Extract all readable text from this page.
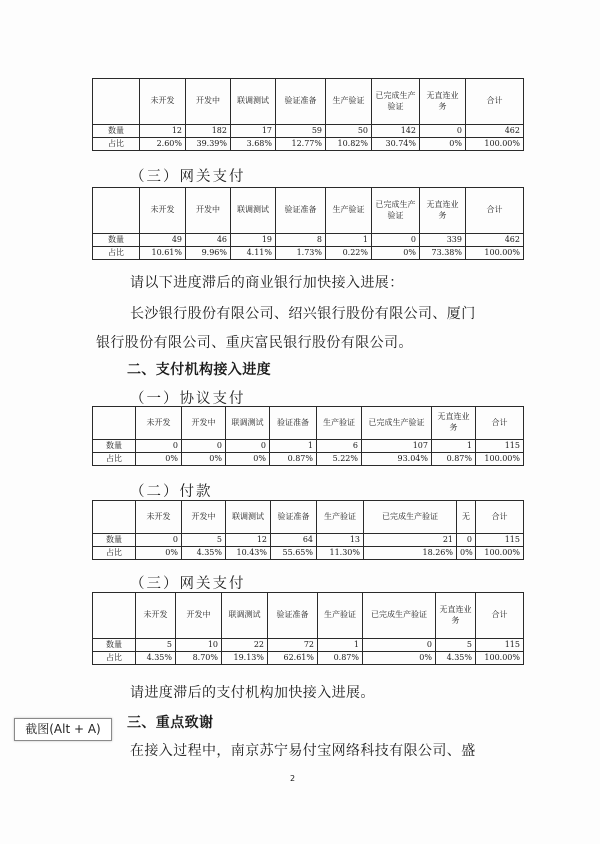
	未开发	开发中	联调测试	验证准备	生产验证	已完成生产验证	无直连业务	合计
数量	12	182	17	59	50	142	0	462
占比	2.60%	39.39%	3.68%	12.77%	10.82%	30.74%	0%	100.00%
（三）网关支付
	未开发	开发中	联调测试	验证准备	生产验证	已完成生产验证	无直连业务	合计
数量	49	46	19	8	1	0	339	462
占比	10.61%	9.96%	4.11%	1.73%	0.22%	0%	73.38%	100.00%
请以下进度滞后的商业银行加快接入进展：
长沙银行股份有限公司、绍兴银行股份有限公司、厦门
银行股份有限公司、重庆富民银行股份有限公司。
二、支付机构接入进度
（一）协议支付
	未开发	开发中	联调测试	验证准备	生产验证	已完成生产验证	无直连业务	合计
数量	0	0	0	1	6	107	1	115
占比	0%	0%	0%	0.87%	5.22%	93.04%	0.87%	100.00%
（二）付款
	未开发	开发中	联调测试	验证准备	生产验证	已完成生产验证	无	合计
数量	0	5	12	64	13	21	0	115
占比	0%	4.35%	10.43%	55.65%	11.30%	18.26%	0%	100.00%
（三）网关支付
	未开发	开发中	联调测试	验证准备	生产验证	已完成生产验证	无直连业务	合计
数量	5	10	22	72	1	0	5	115
占比	4.35%	8.70%	19.13%	62.61%	0.87%	0%	4.35%	100.00%
请进度滞后的支付机构加快接入进展。
三、重点致谢
在接入过程中，南京苏宁易付宝网络科技有限公司、盛
2
截图(Alt + A)
